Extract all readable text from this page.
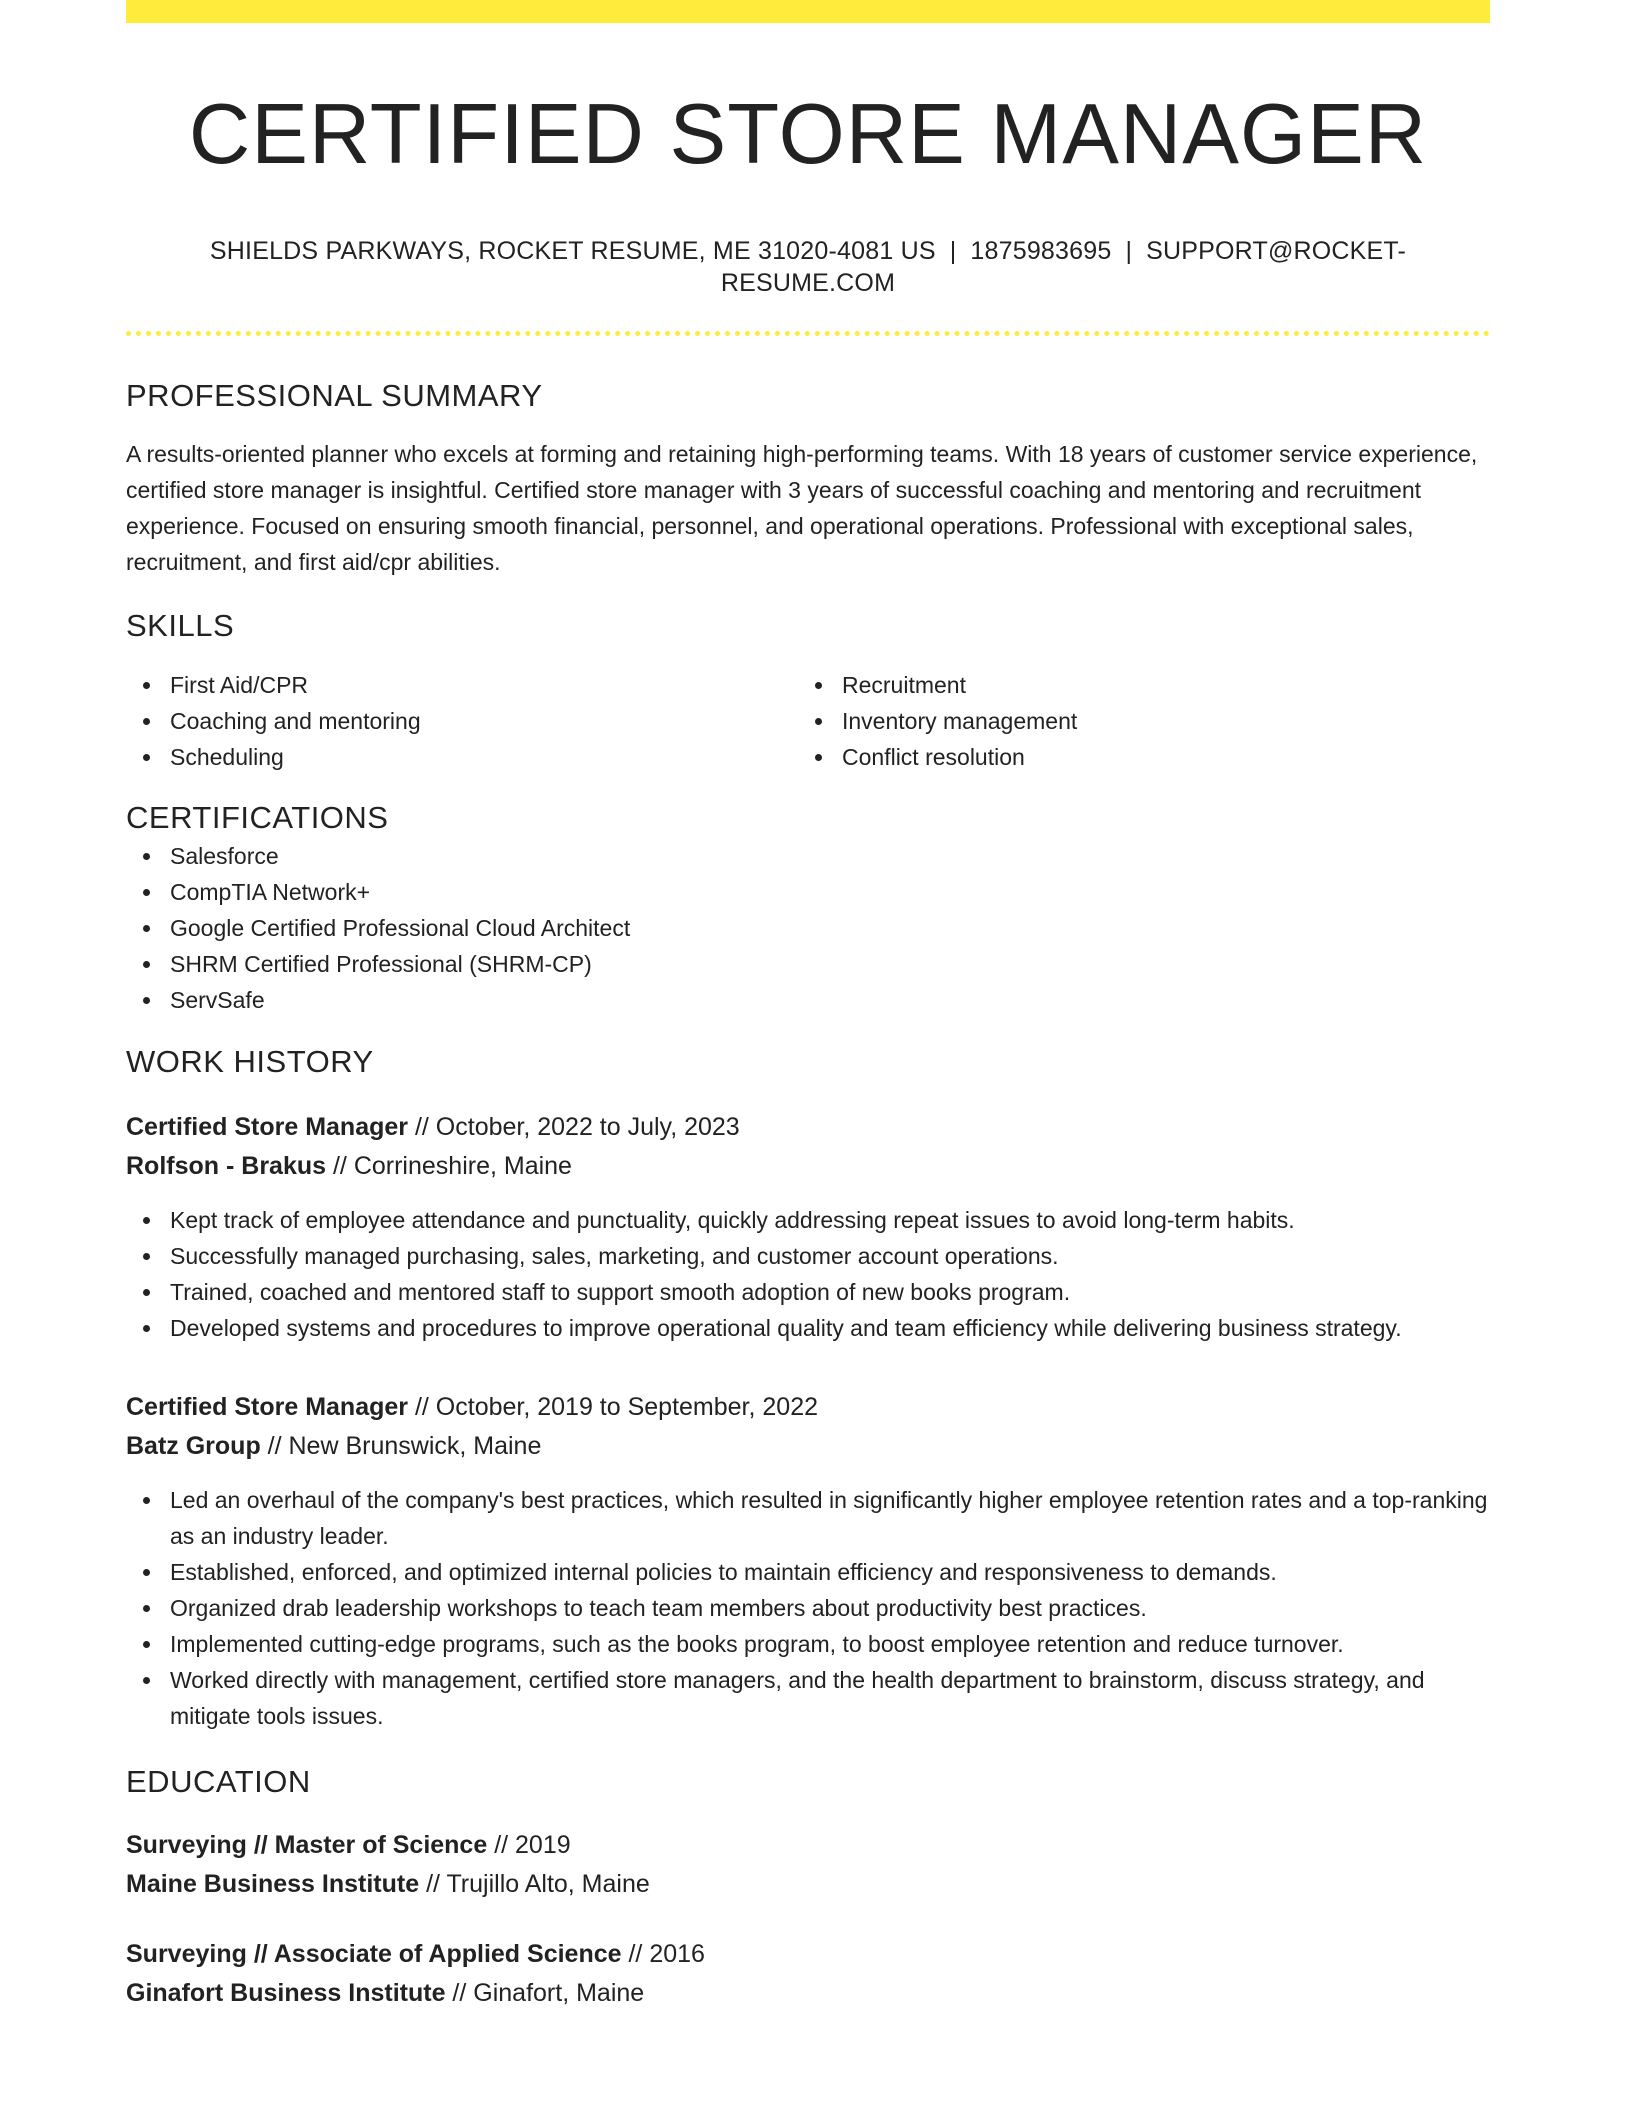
CERTIFIED STORE MANAGER
SHIELDS PARKWAYS, ROCKET RESUME, ME 31020-4081 US | 1875983695 | SUPPORT@ROCKET-RESUME.COM
PROFESSIONAL SUMMARY
A results-oriented planner who excels at forming and retaining high-performing teams. With 18 years of customer service experience, certified store manager is insightful. Certified store manager with 3 years of successful coaching and mentoring and recruitment experience. Focused on ensuring smooth financial, personnel, and operational operations. Professional with exceptional sales, recruitment, and first aid/cpr abilities.
SKILLS
First Aid/CPR
Coaching and mentoring
Scheduling
Recruitment
Inventory management
Conflict resolution
CERTIFICATIONS
Salesforce
CompTIA Network+
Google Certified Professional Cloud Architect
SHRM Certified Professional (SHRM-CP)
ServSafe
WORK HISTORY
Certified Store Manager // October, 2022 to July, 2023
Rolfson - Brakus // Corrineshire, Maine
Kept track of employee attendance and punctuality, quickly addressing repeat issues to avoid long-term habits.
Successfully managed purchasing, sales, marketing, and customer account operations.
Trained, coached and mentored staff to support smooth adoption of new books program.
Developed systems and procedures to improve operational quality and team efficiency while delivering business strategy.
Certified Store Manager // October, 2019 to September, 2022
Batz Group // New Brunswick, Maine
Led an overhaul of the company's best practices, which resulted in significantly higher employee retention rates and a top-ranking as an industry leader.
Established, enforced, and optimized internal policies to maintain efficiency and responsiveness to demands.
Organized drab leadership workshops to teach team members about productivity best practices.
Implemented cutting-edge programs, such as the books program, to boost employee retention and reduce turnover.
Worked directly with management, certified store managers, and the health department to brainstorm, discuss strategy, and mitigate tools issues.
EDUCATION
Surveying // Master of Science // 2019
Maine Business Institute // Trujillo Alto, Maine
Surveying // Associate of Applied Science // 2016
Ginafort Business Institute // Ginafort, Maine
